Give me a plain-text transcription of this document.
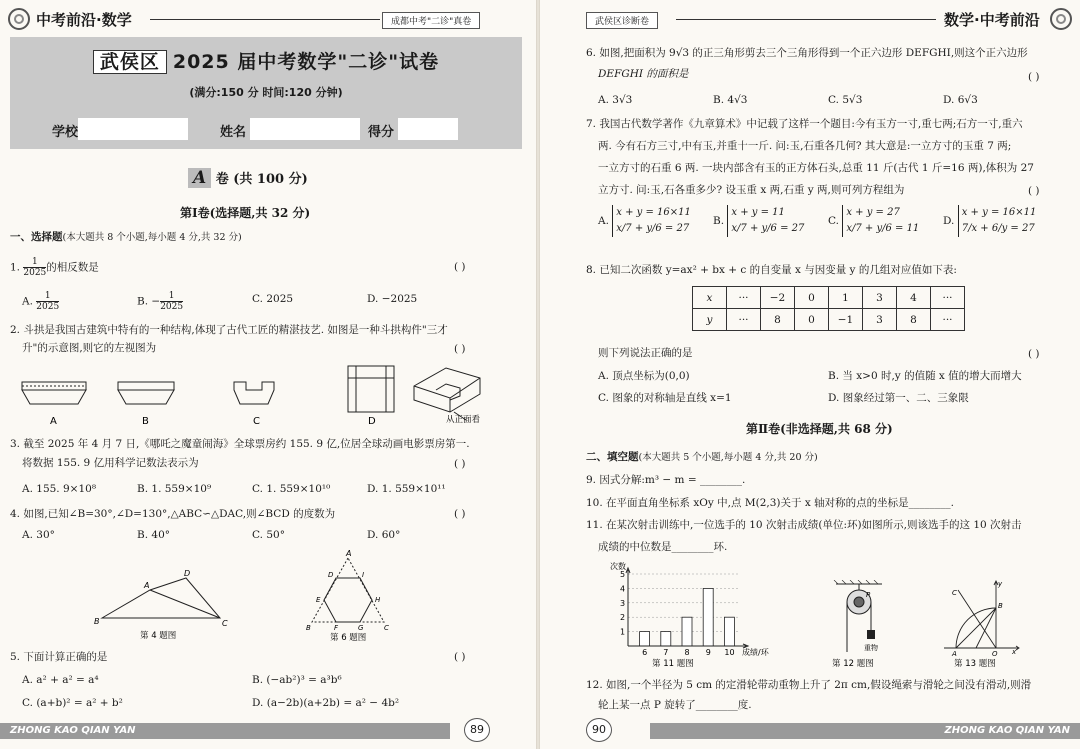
中考前沿·数学	成都中考"二诊"真卷
武侯区 2025 届中考数学"二诊"试卷
(满分:150 分 时间:120 分钟)
学校	姓名	得分
A 卷 (共 100 分)
第Ⅰ卷(选择题,共 32 分)
一、选择题(本大题共 8 个小题,每小题 4 分,共 32 分)
1. $\frac{1}{2025}$ 的相反数是	( )
A. $\frac{1}{2025}$	B. − $\frac{1}{2025}$	C. 2025	D. −2025
2. 斗拱是我国古建筑中特有的一种结构,体现了古代工匠的精湛技艺. 如图是一种斗拱构件"三才
升"的示意图,则它的左视图为	( )
A	B	C	D	从正面看
3. 截至 2025 年 4 月 7 日,《哪吒之魔童闹海》全球票房约 155. 9 亿,位居全球动画电影票房第一.
将数据 155. 9 亿用科学记数法表示为	( )
A. 155. 9×10⁸	B. 1. 559×10⁹	C. 1. 559×10¹⁰	D. 1. 559×10¹¹
4. 如图,已知∠B=30°,∠D=130°,△ABC∽△DAC,则∠BCD 的度数为	( )
A. 30°	B. 40°	C. 50°	D. 60°
B
A
D
C
第 4 题图
A
D	I
E	H
B	F	G	C
第 6 题图
5. 下面计算正确的是	( )
A. a² + a² = a⁴	B. (−ab²)³ = a³b⁶
C. (a+b)² = a² + b²	D. (a−2b)(a+2b) = a² − 4b²
ZHONG KAO QIAN YAN	89
武侯区诊断卷	数学·中考前沿
6. 如图,把面积为 9√3 的正三角形剪去三个三角形得到一个正六边形 DEFGHI,则这个正六边形
DEFGHI 的面积是	( )
A. 3√3	B. 4√3	C. 5√3	D. 6√3
7. 我国古代数学著作《九章算术》中记载了这样一个题目:今有玉方一寸,重七两;石方一寸,重六
两. 今有石方三寸,中有玉,并重十一斤. 问:玉,石重各几何? 其大意是:一立方寸的玉重 7 两;
一立方寸的石重 6 两. 一块内部含有玉的正方体石头,总重 11 斤(古代 1 斤=16 两),体积为 27
立方寸. 问:玉,石各重多少? 设玉重 x 两,石重 y 两,则可列方程组为	( )
A.
x + y = 16×11
x/7 + y/6 = 27
B.
x + y = 11
x/7 + y/6 = 27
C.
x + y = 27
x/7 + y/6 = 11
D.
x + y = 16×11
7/x + 6/y = 27
8. 已知二次函数 y=ax² + bx + c 的自变量 x 与因变量 y 的几组对应值如下表:
则下列说法正确的是	( )
A. 顶点坐标为(0,0)	B. 当 x>0 时,y 的值随 x 值的增大而增大
C. 图象的对称轴是直线 x=1	D. 图象经过第一、二、三象限
第Ⅱ卷(非选择题,共 68 分)
二、填空题(本大题共 5 个小题,每小题 4 分,共 20 分)
9. 因式分解:m³ − m = ________.
10. 在平面直角坐标系 xOy 中,点 M(2,3)关于 x 轴对称的点的坐标是________.
11. 在某次射击训练中,一位选手的 10 次射击成绩(单位:环)如图所示,则该选手的这 10 次射击
成绩的中位数是________环.
1
2
3
4
5
6 7 8 9 10
次数
成绩/环
第 11 题图
P
重物
第 12 题图
C
B
A	O x
y
第 13 题图
12. 如图,一个半径为 5 cm 的定滑轮带动重物上升了 2π cm,假设绳索与滑轮之间没有滑动,则滑
轮上某一点 P 旋转了________度.
90	ZHONG KAO QIAN YAN
x	···	−2	0	1	3	4	···
y	···	8	0	−1	3	8	···
